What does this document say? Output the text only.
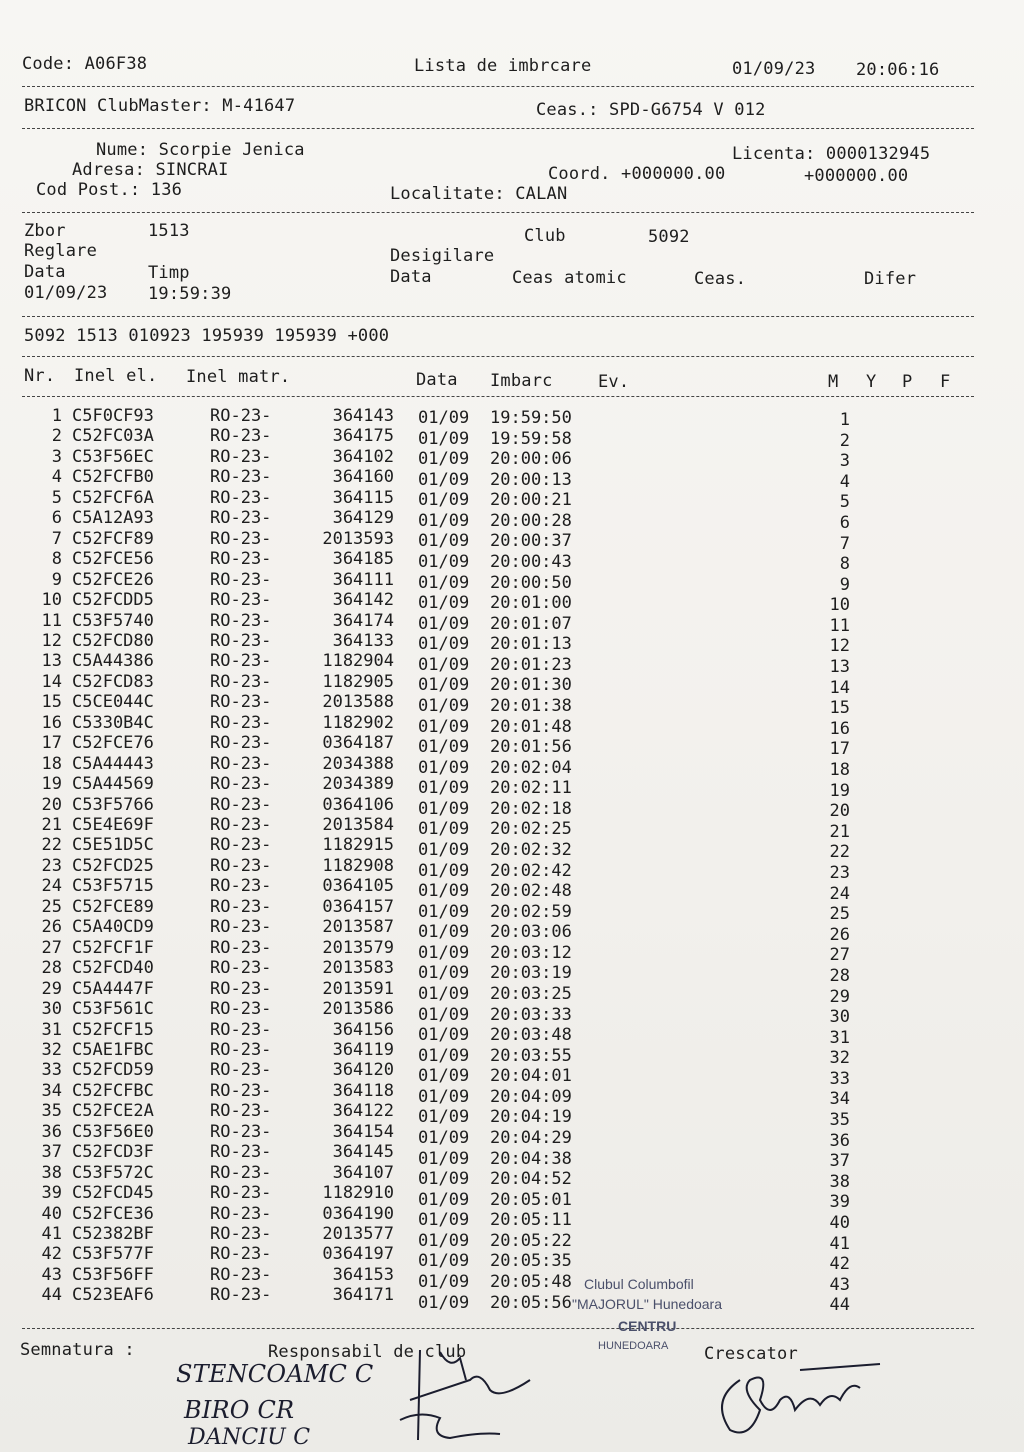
Code: A06F38	Lista de imbrcare	01/09/23 20:06:16
BRICON ClubMaster: M-41647	Ceas.: SPD-G6754 V 012
Nume: Scorpie Jenica	Licenta: 0000132945
Adresa: SINCRAI	Coord. +000000.00	+000000.00
Cod Post.: 136	Localitate: CALAN
Zbor	1513	Club	5092
Reglare	Desigilare
Data	Timp	Data	Ceas atomic	Ceas.	Difer
01/09/23 19:59:39
5092 1513 010923 195939 195939 +000
Nr. Inel el. Inel matr.	Data Imbarc	Ev.	M Y P F
1 C5F0CF93	RO-23-	364143 01/09 19:59:50	1
2 C52FC03A	RO-23-	364175 01/09 19:59:58	2
3 C53F56EC	RO-23-	364102 01/09 20:00:06	3
4 C52FCFB0	RO-23-	364160 01/09 20:00:13	4
5 C52FCF6A	RO-23-	364115 01/09 20:00:21	5
6 C5A12A93	RO-23-	364129 01/09 20:00:28	6
7 C52FCF89	RO-23-	2013593 01/09 20:00:37	7
8 C52FCE56	RO-23-	364185 01/09 20:00:43	8
9 C52FCE26	RO-23-	364111 01/09 20:00:50	9
10 C52FCDD5	RO-23-	364142 01/09 20:01:00	10
11 C53F5740	RO-23-	364174 01/09 20:01:07	11
12 C52FCD80	RO-23-	364133 01/09 20:01:13	12
13 C5A44386	RO-23-	1182904 01/09 20:01:23	13
14 C52FCD83	RO-23-	1182905 01/09 20:01:30	14
15 C5CE044C	RO-23-	2013588 01/09 20:01:38	15
16 C5330B4C	RO-23-	1182902 01/09 20:01:48	16
17 C52FCE76	RO-23-	0364187 01/09 20:01:56	17
18 C5A44443	RO-23-	2034388 01/09 20:02:04	18
19 C5A44569	RO-23-	2034389 01/09 20:02:11	19
20 C53F5766	RO-23-	0364106 01/09 20:02:18	20
21 C5E4E69F	RO-23-	2013584 01/09 20:02:25	21
22 C5E51D5C	RO-23-	1182915 01/09 20:02:32	22
23 C52FCD25	RO-23-	1182908 01/09 20:02:42	23
24 C53F5715	RO-23-	0364105 01/09 20:02:48	24
25 C52FCE89	RO-23-	0364157 01/09 20:02:59	25
26 C5A40CD9	RO-23-	2013587 01/09 20:03:06	26
27 C52FCF1F	RO-23-	2013579 01/09 20:03:12	27
28 C52FCD40	RO-23-	2013583 01/09 20:03:19	28
29 C5A4447F	RO-23-	2013591 01/09 20:03:25	29
30 C53F561C	RO-23-	2013586 01/09 20:03:33	30
31 C52FCF15	RO-23-	364156 01/09 20:03:48	31
32 C5AE1FBC	RO-23-	364119 01/09 20:03:55	32
33 C52FCD59	RO-23-	364120 01/09 20:04:01	33
34 C52FCFBC	RO-23-	364118 01/09 20:04:09	34
35 C52FCE2A	RO-23-	364122 01/09 20:04:19	35
36 C53F56E0	RO-23-	364154 01/09 20:04:29	36
37 C52FCD3F	RO-23-	364145 01/09 20:04:38	37
38 C53F572C	RO-23-	364107 01/09 20:04:52	38
39 C52FCD45	RO-23-	1182910 01/09 20:05:01	39
40 C52FCE36	RO-23-	0364190 01/09 20:05:11	40
41 C52382BF	RO-23-	2013577 01/09 20:05:22	41
42 C53F577F	RO-23-	0364197 01/09 20:05:35	42
43 C53F56FF	RO-23-	364153 01/09 20:05:48	43
44 C523EAF6	RO-23-	364171 01/09 20:05:56	44
Semnatura :	Responsabil de club	Crescator
Clubul Columbofil
"MAJORUL" Hunedoara
CENTRU
HUNEDOARA
STENCOAMC C
BIRO CR
DANCIU C
